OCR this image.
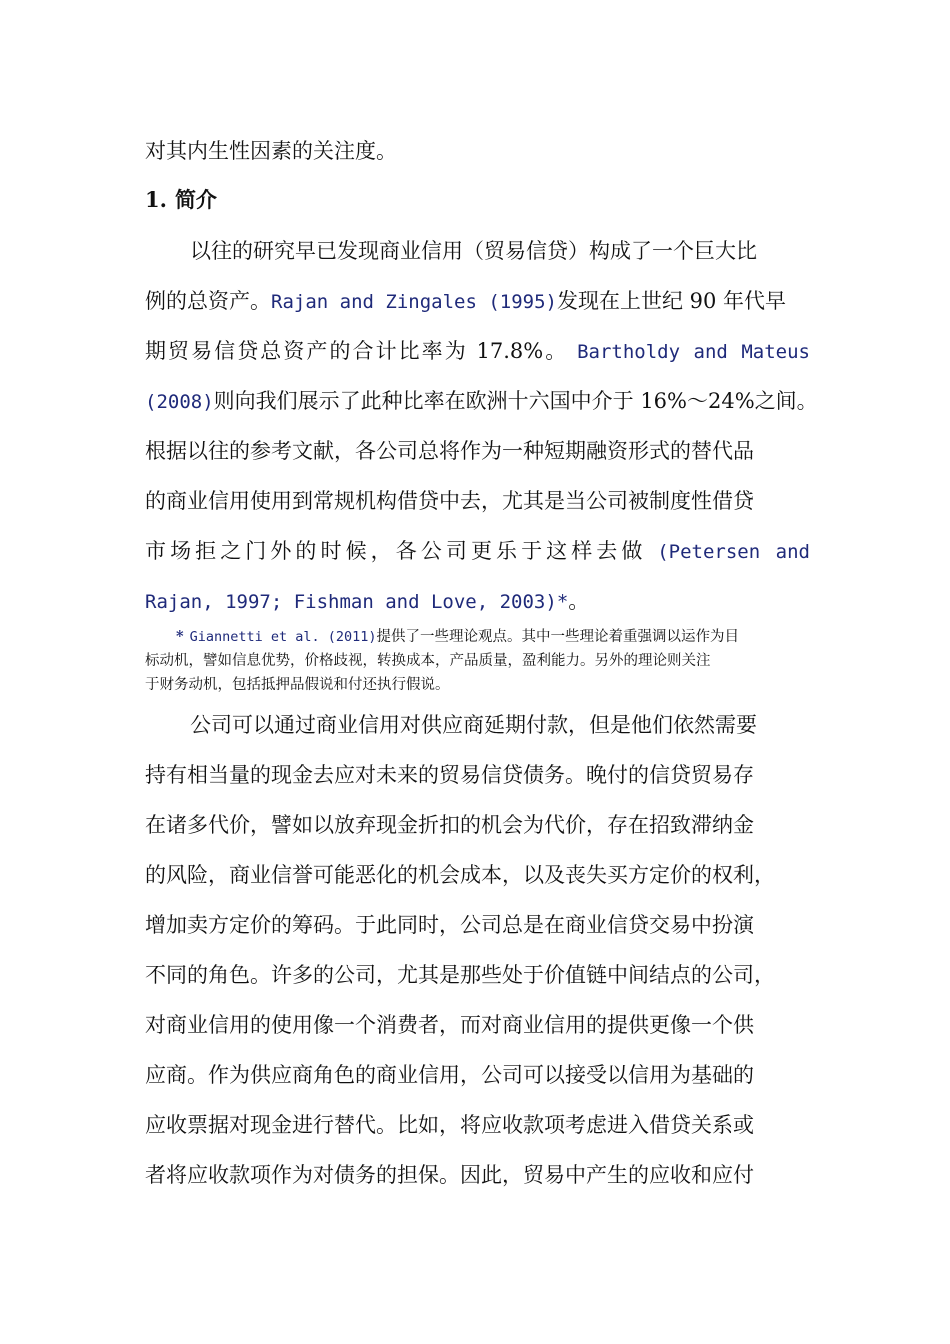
对其内生性因素的关注度。
1. 简介
以往的研究早已发现商业信用（贸易信贷）构成了一个巨大比
例的总资产。Rajan and Zingales (1995)发现在上世纪 90 年代早
期贸易信贷总资产的合计比率为 17.8%。 Bartholdy and Mateus
(2008)则向我们展示了此种比率在欧洲十六国中介于 16%～24%之间。
根据以往的参考文献，各公司总将作为一种短期融资形式的替代品
的商业信用使用到常规机构借贷中去，尤其是当公司被制度性借贷
市场拒之门外的时候，各公司更乐于这样去做 (Petersen and
Rajan, 1997; Fishman and Love, 2003)*。
* Giannetti et al. (2011)提供了一些理论观点。其中一些理论着重强调以运作为目
标动机，譬如信息优势，价格歧视，转换成本，产品质量，盈利能力。另外的理论则关注
于财务动机，包括抵押品假说和付还执行假说。
公司可以通过商业信用对供应商延期付款，但是他们依然需要
持有相当量的现金去应对未来的贸易信贷债务。晚付的信贷贸易存
在诸多代价，譬如以放弃现金折扣的机会为代价，存在招致滞纳金
的风险，商业信誉可能恶化的机会成本，以及丧失买方定价的权利，
增加卖方定价的筹码。于此同时，公司总是在商业信贷交易中扮演
不同的角色。许多的公司，尤其是那些处于价值链中间结点的公司，
对商业信用的使用像一个消费者，而对商业信用的提供更像一个供
应商。作为供应商角色的商业信用，公司可以接受以信用为基础的
应收票据对现金进行替代。比如，将应收款项考虑进入借贷关系或
者将应收款项作为对债务的担保。因此，贸易中产生的应收和应付
